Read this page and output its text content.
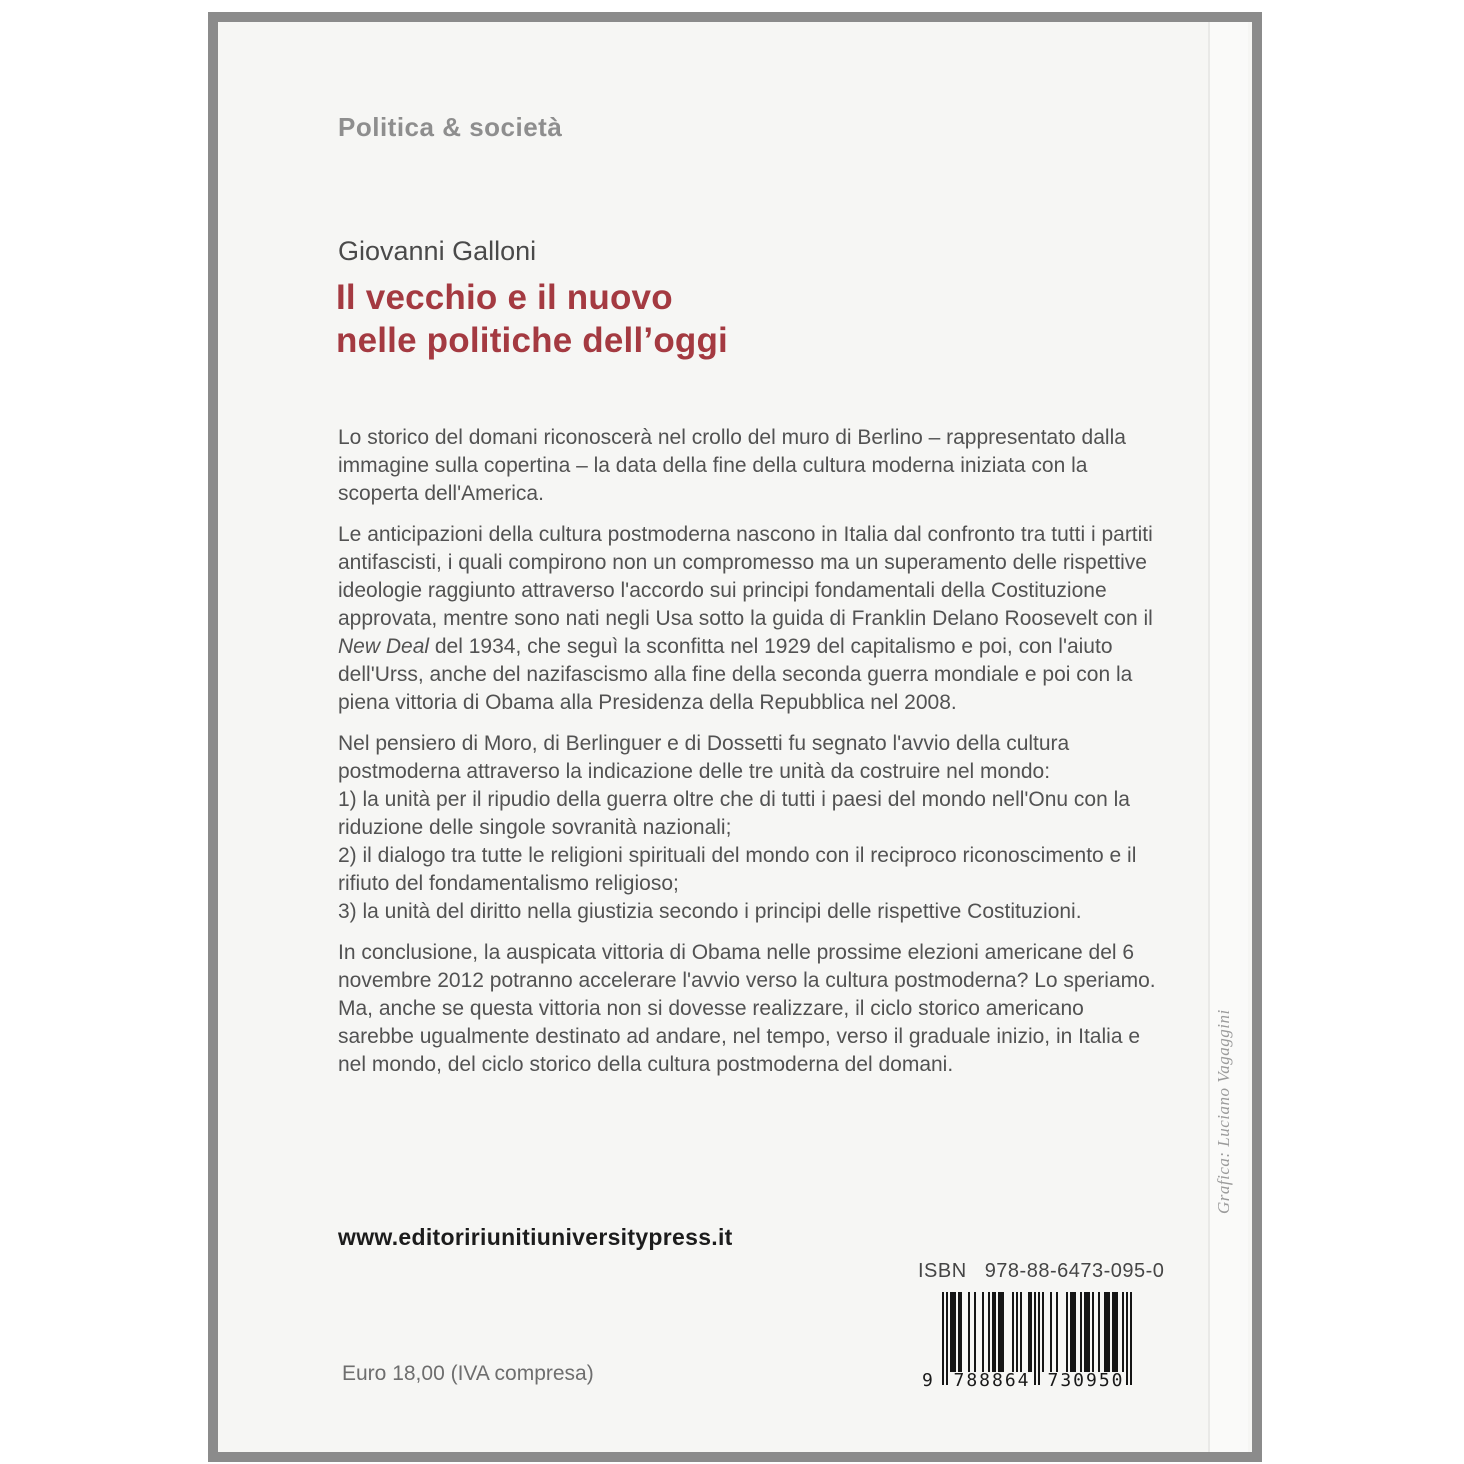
Politica & società
Giovanni Galloni
Il vecchio e il nuovo
nelle politiche dell’oggi

Lo storico del domani riconoscerà nel crollo del muro di Berlino – rappresentato dalla immagine sulla copertina – la data della fine della cultura moderna iniziata con la scoperta dell'America.

Le anticipazioni della cultura postmoderna nascono in Italia dal confronto tra tutti i partiti antifascisti, i quali compirono non un compromesso ma un superamento delle rispettive ideologie raggiunto attraverso l'accordo sui principi fondamentali della Costituzione approvata, mentre sono nati negli Usa sotto la guida di Franklin Delano Roosevelt con il New Deal del 1934, che seguì la sconfitta nel 1929 del capitalismo e poi, con l'aiuto dell'Urss, anche del nazifascismo alla fine della seconda guerra mondiale e poi con la piena vittoria di Obama alla Presidenza della Repubblica nel 2008.

Nel pensiero di Moro, di Berlinguer e di Dossetti fu segnato l'avvio della cultura postmoderna attraverso la indicazione delle tre unità da costruire nel mondo:

1) la unità per il ripudio della guerra oltre che di tutti i paesi del mondo nell'Onu con la riduzione delle singole sovranità nazionali;

2) il dialogo tra tutte le religioni spirituali del mondo con il reciproco riconoscimento e il rifiuto del fondamentalismo religioso;

3) la unità del diritto nella giustizia secondo i principi delle rispettive Costituzioni.

In conclusione, la auspicata vittoria di Obama nelle prossime elezioni americane del 6 novembre 2012 potranno accelerare l'avvio verso la cultura postmoderna? Lo speriamo. Ma, anche se questa vittoria non si dovesse realizzare, il ciclo storico americano sarebbe ugualmente destinato ad andare, nel tempo, verso il graduale inizio, in Italia e nel mondo, del ciclo storico della cultura postmoderna del domani.

www.editoririunitiuniversitypress.it
Euro 18,00 (IVA compresa)
ISBN 978-88-6473-095-0
9 788864 730950
Grafica: Luciano Vagaggini
